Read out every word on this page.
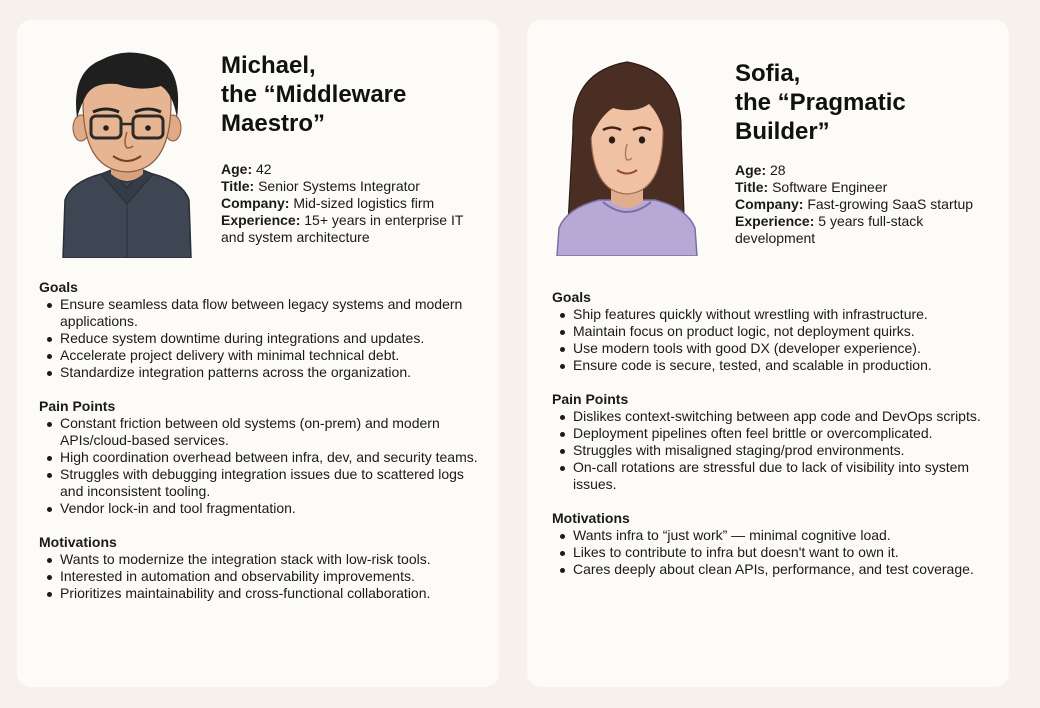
Michael,
the “Middleware
Maestro”
Age: 42
Title: Senior Systems Integrator
Company: Mid-sized logistics firm
Experience: 15+ years in enterprise IT and system architecture
Goals
Ensure seamless data flow between legacy systems and modern applications.
Reduce system downtime during integrations and updates.
Accelerate project delivery with minimal technical debt.
Standardize integration patterns across the organization.
Pain Points
Constant friction between old systems (on-prem) and modern APIs/cloud-based services.
High coordination overhead between infra, dev, and security teams.
Struggles with debugging integration issues due to scattered logs and inconsistent tooling.
Vendor lock-in and tool fragmentation.
Motivations
Wants to modernize the integration stack with low-risk tools.
Interested in automation and observability improvements.
Prioritizes maintainability and cross-functional collaboration.
Sofia,
the “Pragmatic
Builder”
Age: 28
Title: Software Engineer
Company: Fast-growing SaaS startup
Experience: 5 years full-stack development
Goals
Ship features quickly without wrestling with infrastructure.
Maintain focus on product logic, not deployment quirks.
Use modern tools with good DX (developer experience).
Ensure code is secure, tested, and scalable in production.
Pain Points
Dislikes context-switching between app code and DevOps scripts.
Deployment pipelines often feel brittle or overcomplicated.
Struggles with misaligned staging/prod environments.
On-call rotations are stressful due to lack of visibility into system issues.
Motivations
Wants infra to “just work” — minimal cognitive load.
Likes to contribute to infra but doesn't want to own it.
Cares deeply about clean APIs, performance, and test coverage.
